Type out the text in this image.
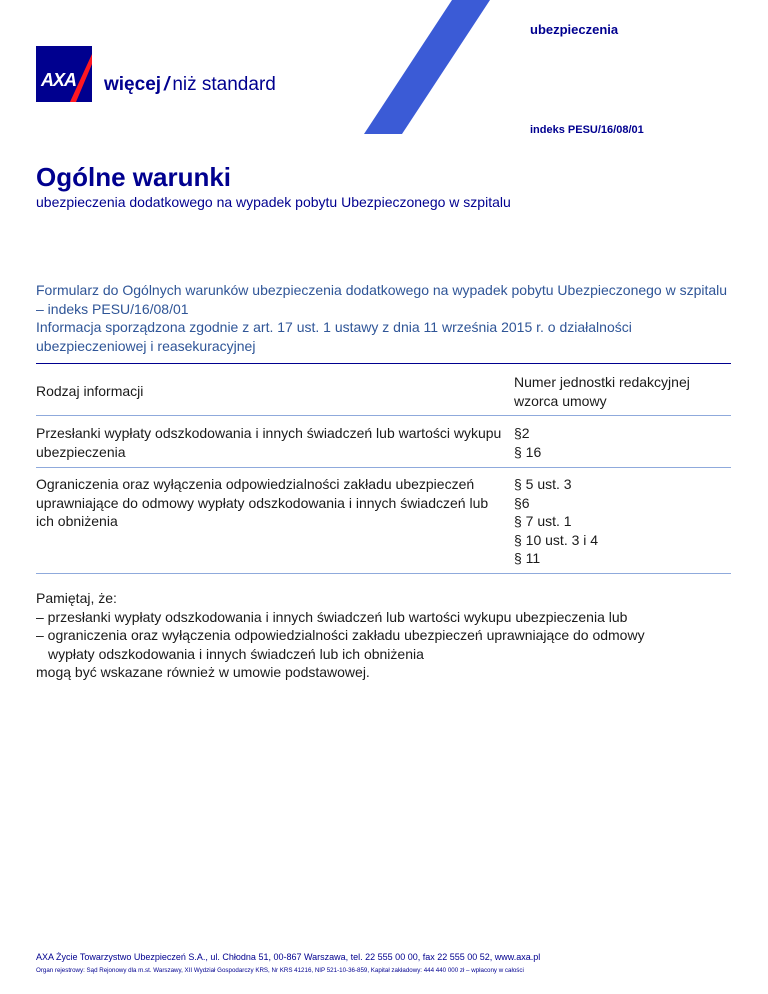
ubezpieczenia
AXA więcej / niż standard
indeks PESU/16/08/01
Ogólne warunki

ubezpieczenia dodatkowego na wypadek pobytu Ubezpieczonego w szpitalu

Formularz do Ogólnych warunków ubezpieczenia dodatkowego na wypadek pobytu Ubezpieczonego w szpitalu – indeks PESU/16/08/01

Informacja sporządzona zgodnie z art. 17 ust. 1 ustawy z dnia 11 września 2015 r. o działalności ubezpieczeniowej i reasekuracyjnej

Rodzaj informacji
Numer jednostki redakcyjnej wzorca umowy
Przesłanki wypłaty odszkodowania i innych świadczeń lub wartości wykupu ubezpieczenia
§2
§ 16
Ograniczenia oraz wyłączenia odpowiedzialności zakładu ubezpieczeń uprawniające do odmowy wypłaty odszkodowania i innych świadczeń lub ich obniżenia
§ 5 ust. 3
§6
§ 7 ust. 1
§ 10 ust. 3 i 4
§ 11
Pamiętaj, że:
– przesłanki wypłaty odszkodowania i innych świadczeń lub wartości wykupu ubezpieczenia lub
– ograniczenia oraz wyłączenia odpowiedzialności zakładu ubezpieczeń uprawniające do odmowy
wypłaty odszkodowania i innych świadczeń lub ich obniżenia
mogą być wskazane również w umowie podstawowej.
AXA Życie Towarzystwo Ubezpieczeń S.A., ul. Chłodna 51, 00-867 Warszawa, tel. 22 555 00 00, fax 22 555 00 52, www.axa.pl
Organ rejestrowy: Sąd Rejonowy dla m.st. Warszawy, XII Wydział Gospodarczy KRS, Nr KRS 41216, NIP 521-10-36-859, Kapitał zakładowy: 444 440 000 zł – wpłacony w całości
